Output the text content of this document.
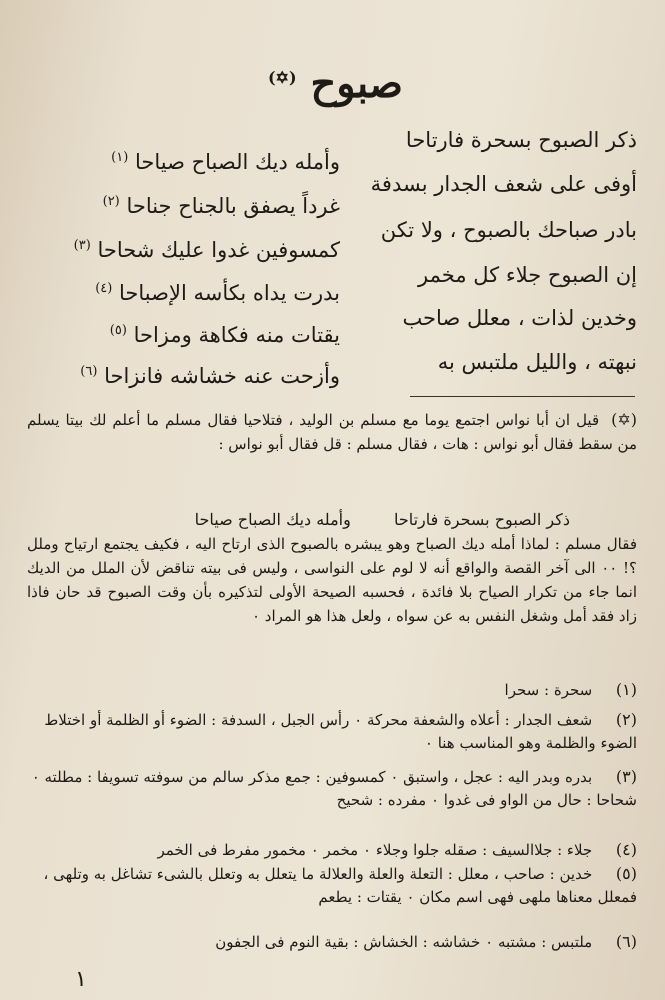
صبوح (✡)
ذكر الصبوح بسحرة فارتاحا
أوفى على شعف الجدار بسدفة
بادر صباحك بالصبوح ، ولا تكن
إن الصبوح جلاء كل مخمر
وخدين لذات ، معلل صاحب
نبهته ، والليل ملتبس به
وأمله ديك الصباح صياحا $^{(١)}$
غرداً يصفق بالجناح جناحا $^{(٢)}$
كمسوفين غدوا عليك شحاحا $^{(٣)}$
بدرت يداه بكأسه الإصباحا $^{(٤)}$
يقتات منه فكاهة ومزاحا $^{(٥)}$
وأزحت عنه خشاشه فانزاحا $^{(٦)}$

(✡) قيل ان أبا نواس اجتمع يوما مع مسلم بن الوليد ، فتلاحيا فقال مسلم ما أعلم لك بيتا يسلم من سقط فقال أبو نواس : هات ، فقال مسلم : قل فقال أبو نواس :

ذكر الصبوح بسحرة فارتاحا وأمله ديك الصباح صياحا

فقال مسلم : لماذا أمله ديك الصباح وهو يبشره بالصبوح الذى ارتاح اليه ، فكيف يجتمع ارتياح وملل ؟! ٠٠ الى آخر القصة والواقع أنه لا لوم على النواسى ، وليس فى بيته تناقض لأن الملل من الديك انما جاء من تكرار الصياح بلا فائدة ، فحسبه الصيحة الأولى لتذكيره بأن وقت الصبوح قد حان فاذا زاد فقد أمل وشغل النفس به عن سواه ، ولعل هذا هو المراد ٠

(١) سحرة : سحرا
(٢) شعف الجدار : أعلاه والشعفة محركة ٠ رأس الجبل ، السدفة : الضوء أو الظلمة أو اختلاط الضوء والظلمة وهو المناسب هنا ٠
(٣) بدره وبدر اليه : عجل ، واستبق ٠ كمسوفين : جمع مذكر سالم من سوفته تسويفا : مطلته ٠ شحاحا : حال من الواو فى غدوا ٠ مفرده : شحيح
(٤) جلاء : جلاالسيف : صقله جلوا وجلاء ٠ مخمر ٠ مخمور مفرط فى الخمر
(٥) خدين : صاحب ، معلل : التعلة والعلة والعلالة ما يتعلل به وتعلل بالشىء تشاغل به وتلهى ، فمعلل معناها ملهى فهى اسم مكان ٠ يقتات : يطعم
(٦) ملتبس : مشتبه ٠ خشاشه : الخشاش : بقية النوم فى الجفون
١
